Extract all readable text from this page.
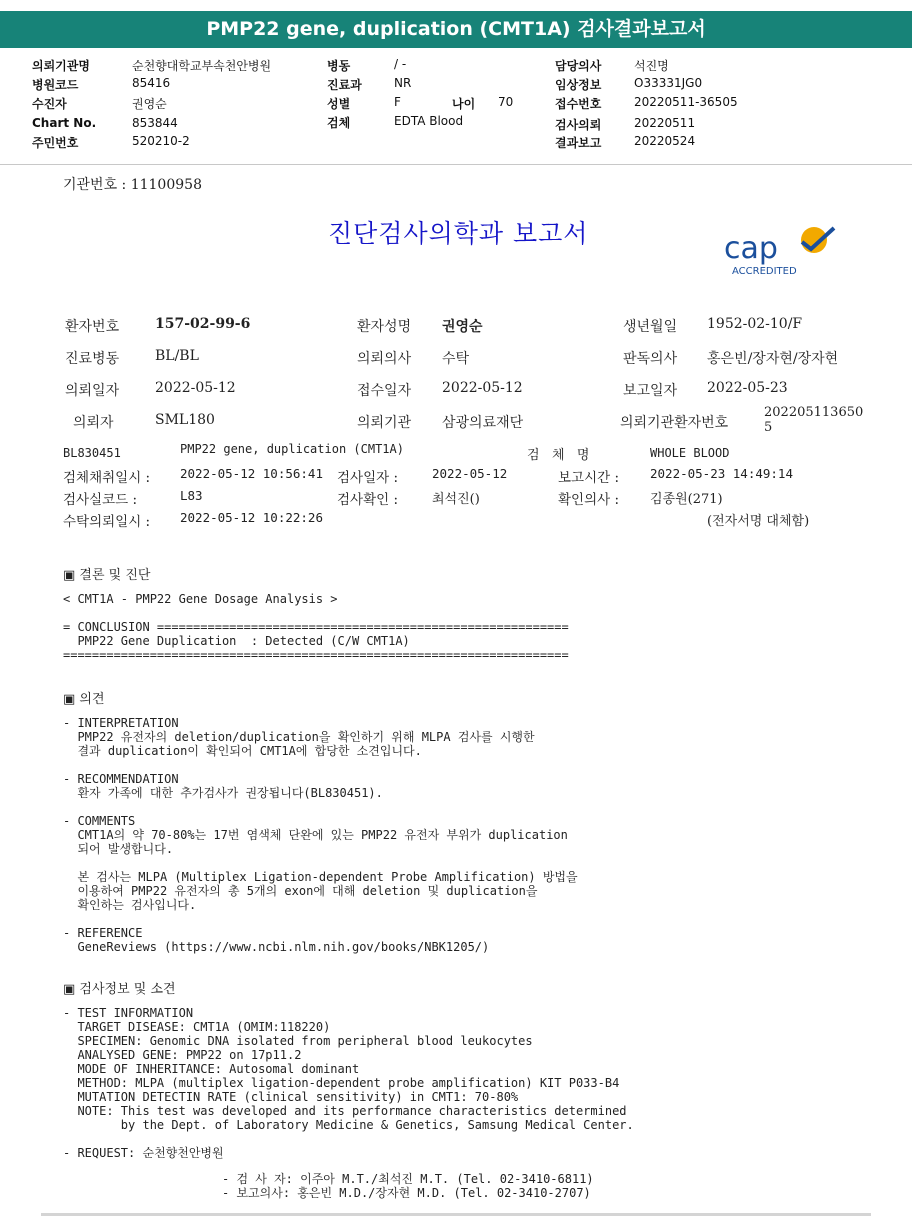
PMP22 gene, duplication (CMT1A) 검사결과보고서
의뢰기관명	순천향대학교부속천안병원
병원코드	85416
수진자	권영순
Chart No.	853844
주민번호	520210-2
병동	/ -
진료과	NR
성별	F	나이 70
검체	EDTA Blood
담당의사	석진명
임상정보	O33331JG0
접수번호	20220511-36505
검사의뢰	20220511
결과보고	20220524
기관번호 : 11100958
진단검사의학과 보고서	cap
ACCREDITED
환자번호	157-02-99-6	환자성명 권영순	생년월일 1952-02-10/F
진료병동	BL/BL	의뢰의사 수탁	판독의사 홍은빈/장자현/장자현
의뢰일자	2022-05-12	접수일자 2022-05-12	보고일자 2022-05-23
의뢰자	SML180	의뢰기관 삼광의료재단	의뢰기관환자번호
202205113650
5
BL830451	PMP22 gene, duplication (CMT1A)	검   체   명	WHOLE BLOOD
검체채취일시 : 2022-05-12 10:56:41 검사일자 :	2022-05-12	보고시간 : 2022-05-23 14:49:14
검사실코드 :	L83	검사확인 :	최석진()	확인의사 : 김종원(271)
수탁의뢰일시 : 2022-05-12 10:22:26	(전자서명 대체함)
▣ 결론 및 진단
< CMT1A - PMP22 Gene Dosage Analysis >

= CONCLUSION =========================================================
PMP22 Gene Duplication  : Detected (C/W CMT1A)
======================================================================
▣ 의견
- INTERPRETATION
PMP22 유전자의 deletion/duplication을 확인하기 위해 MLPA 검사를 시행한
결과 duplication이 확인되어 CMT1A에 합당한 소견입니다.

- RECOMMENDATION
환자 가족에 대한 추가검사가 권장됩니다(BL830451).

- COMMENTS
CMT1A의 약 70-80%는 17번 염색체 단완에 있는 PMP22 유전자 부위가 duplication
되어 발생합니다.

본 검사는 MLPA (Multiplex Ligation-dependent Probe Amplification) 방법을
이용하여 PMP22 유전자의 총 5개의 exon에 대해 deletion 및 duplication을
확인하는 검사입니다.

- REFERENCE
GeneReviews (https://www.ncbi.nlm.nih.gov/books/NBK1205/)
▣ 검사정보 및 소견
- TEST INFORMATION
TARGET DISEASE: CMT1A (OMIM:118220)
SPECIMEN: Genomic DNA isolated from peripheral blood leukocytes
ANALYSED GENE: PMP22 on 17p11.2
MODE OF INHERITANCE: Autosomal dominant
METHOD: MLPA (multiplex ligation-dependent probe amplification) KIT P033-B4
MUTATION DETECTIN RATE (clinical sensitivity) in CMT1: 70-80%
NOTE: This test was developed and its performance characteristics determined
by the Dept. of Laboratory Medicine & Genetics, Samsung Medical Center.

- REQUEST: 순천향천안병원
- 검 사 자: 이주아 M.T./최석진 M.T. (Tel. 02-3410-6811)
- 보고의사: 홍은빈 M.D./장자현 M.D. (Tel. 02-3410-2707)
